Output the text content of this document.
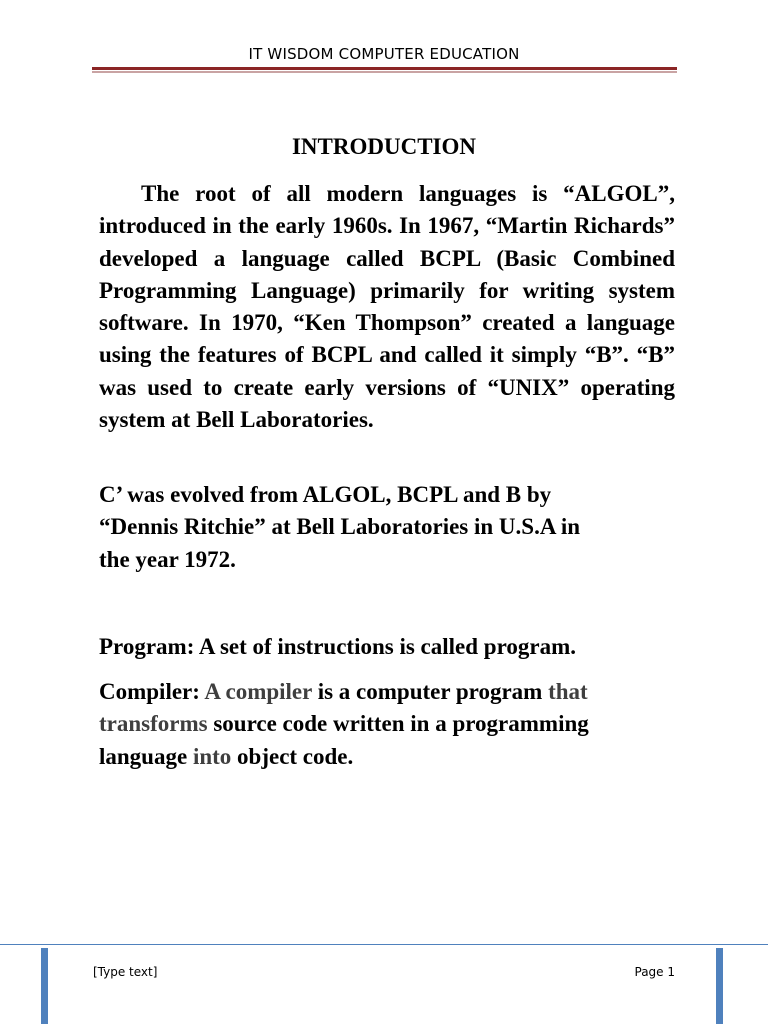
IT WISDOM COMPUTER EDUCATION
INTRODUCTION
The root of all modern languages is “ALGOL”, introduced in the early 1960s. In 1967, “Martin Richards” developed a language called BCPL (Basic Combined Programming Language) primarily for writing system software. In 1970, “Ken Thompson” created a language using the features of BCPL and called it simply “B”. “B” was used to create early versions of “UNIX” operating system at Bell Laboratories.
C’ was evolved from ALGOL, BCPL and B by
“Dennis Ritchie” at Bell Laboratories in U.S.A in
the year 1972.
Program: A set of instructions is called program.
Compiler: A compiler is a computer program that transforms source code written in a programming language into object code.
[Type text]	Page 1
